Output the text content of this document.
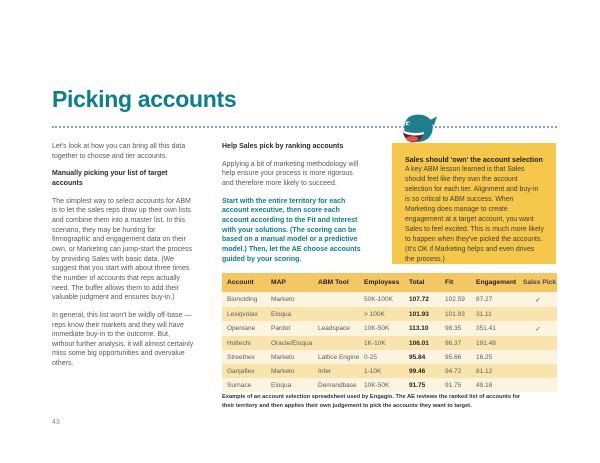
Picking accounts

Let's look at how you can bring all this data together to choose and tier accounts.

Manually picking your list of target accounts

The simplest way to select accounts for ABM is to let the sales reps draw up their own lists and combine them into a master list. In this scenario, they may be hunting for firmographic and engagement data on their own, or Marketing can jump-start the process by providing Sales with basic data. (We suggest that you start with about three times the number of accounts that reps actually need. The buffer allows them to add their valuable judgment and ensures buy-in.)

In general, this list won't be wildly off-base — reps know their markets and they will have immediate buy-in to the outcome. But, without further analysis, it will almost certainly miss some big opportunities and overvalue others.

Help Sales pick by ranking accounts

Applying a bit of marketing methodology will help ensure your process is more rigorous and therefore more likely to succeed.

Start with the entire territory for each account executive, then score each account according to the Fit and Interest with your solutions. (The scoring can be based on a manual model or a predictive model.) Then, let the AE choose accounts guided by your scoring.

Sales should 'own' the account selection

A key ABM lesson learned is that Sales should feel like they own the account selection for each tier. Alignment and buy-in is so critical to ABM success. When Marketing does manage to create engagement at a target account, you want Sales to feel excited. This is much more likely to happen when they've picked the accounts. (It's OK if Marketing helps and even drives the process.)

Account	MAP	ABM Tool	Employees	Total	Fit	Engagement	Sales Pick
Bionolding	Marketo		50K-100K	107.72	102.59	87.27	✓
Lexiqvolax	Eloqua		> 100K	101.93	101.93	31.11	
Openiane	Pardot	Leadspace	10K-50K	113.10	98.35	351.41	✓
Hottechi	Oracle/Eloqua		1K-10K	106.01	96.37	191.48	
Streethex	Marketo	Lattice Engine	0-25	95.84	95.66	16.25	
Ganjaflex	Marketo	Infer	1-10K	99.46	94.72	81.12	
Surnace	Eloqua	Demandbase	10K-50K	91.75	91.75	49.18	
Example of an account selection spreadsheet used by Engagio. The AE reviews the ranked list of accounts for their territory and then applies their own judgement to pick the accounts they want to target.
43
